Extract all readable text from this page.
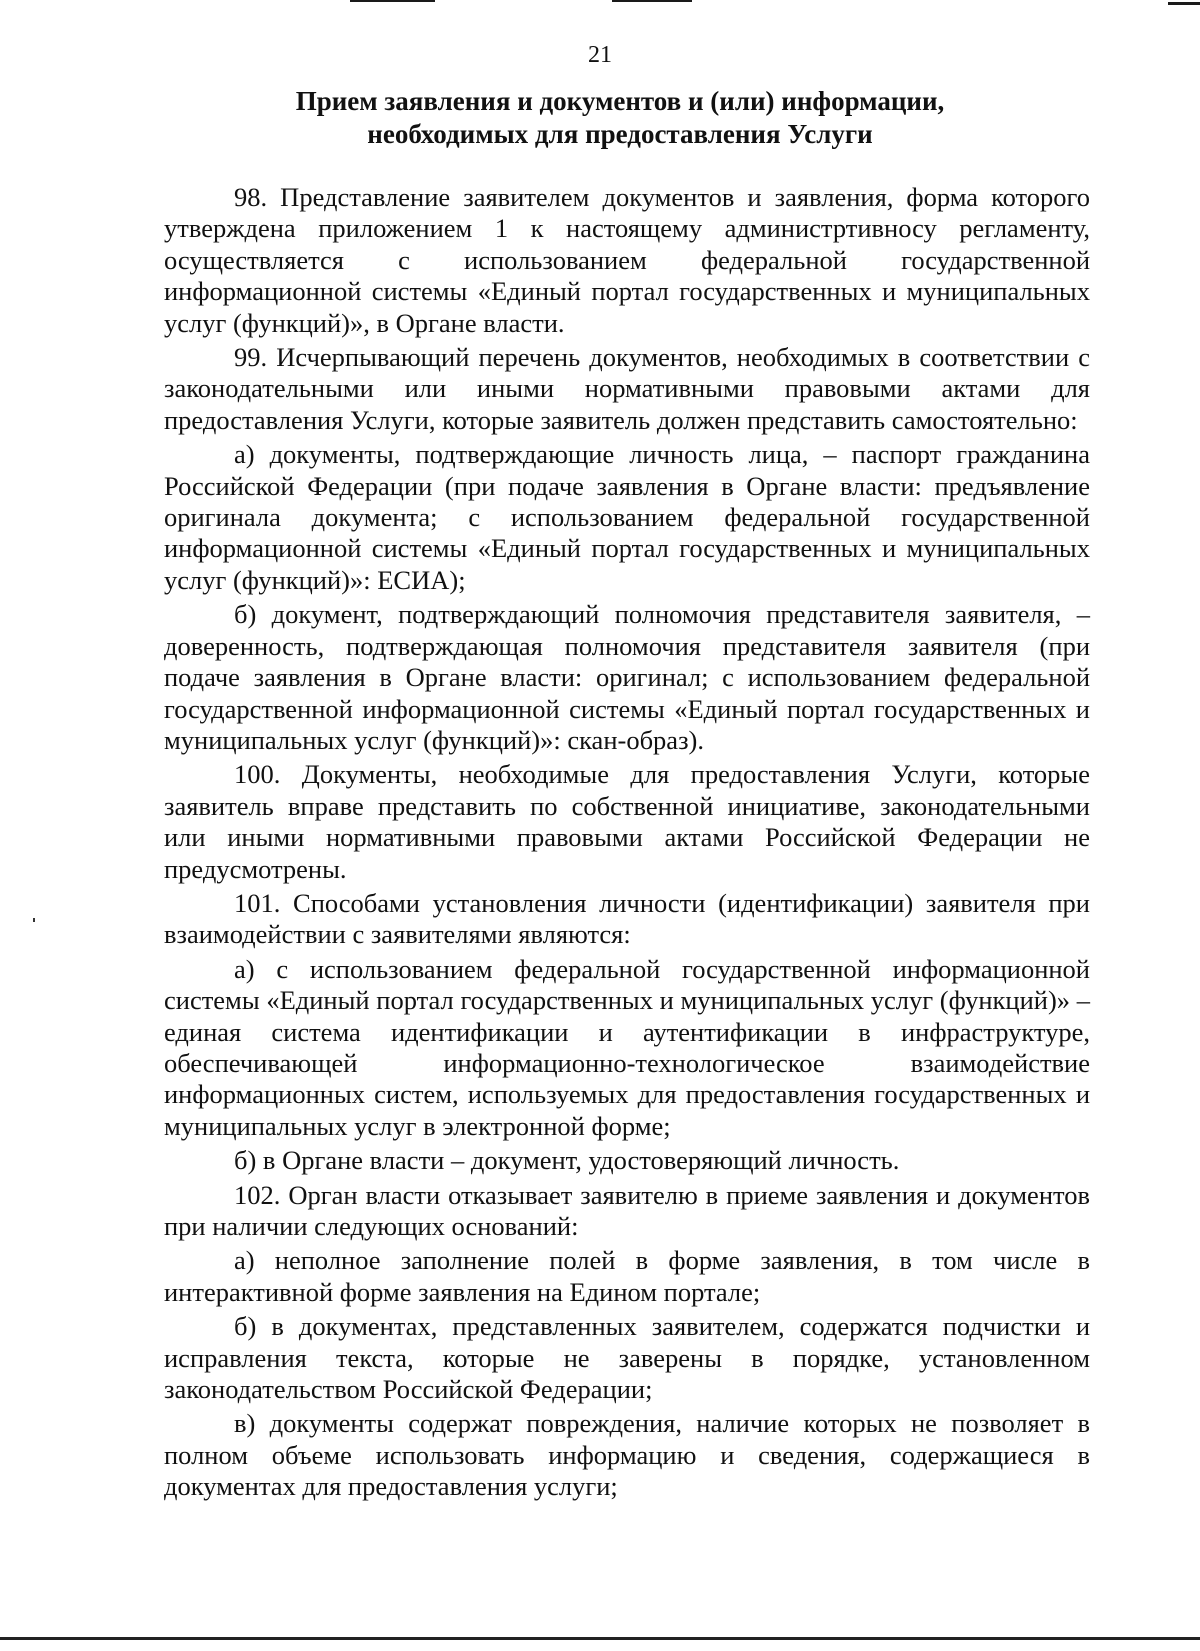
21
Прием заявления и документов и (или) информации,
необходимых для предоставления Услуги

98. Представление заявителем документов и заявления, форма которого утверждена приложением 1 к настоящему администртивносу регламенту, осуществляется с использованием федеральной государственной информационной системы «Единый портал государственных и муниципальных услуг (функций)», в Органе власти.

99. Исчерпывающий перечень документов, необходимых в соответствии с законодательными или иными нормативными правовыми актами для предоставления Услуги, которые заявитель должен представить самостоятельно:

а) документы, подтверждающие личность лица, – паспорт гражданина Российской Федерации (при подаче заявления в Органе власти: предъявление оригинала документа; с использованием федеральной государственной информационной системы «Единый портал государственных и муниципальных услуг (функций)»: ЕСИА);

б) документ, подтверждающий полномочия представителя заявителя, – доверенность, подтверждающая полномочия представителя заявителя (при подаче заявления в Органе власти: оригинал; с использованием федеральной государственной информационной системы «Единый портал государственных и муниципальных услуг (функций)»: скан-образ).

100. Документы, необходимые для предоставления Услуги, которые заявитель вправе представить по собственной инициативе, законодательными или иными нормативными правовыми актами Российской Федерации не предусмотрены.

101. Способами установления личности (идентификации) заявителя при взаимодействии с заявителями являются:

а) с использованием федеральной государственной информационной системы «Единый портал государственных и муниципальных услуг (функций)» – единая система идентификации и аутентификации в инфраструктуре, обеспечивающей информационно-технологическое взаимодействие информационных систем, используемых для предоставления государственных и муниципальных услуг в электронной форме;

б) в Органе власти – документ, удостоверяющий личность.

102. Орган власти отказывает заявителю в приеме заявления и документов при наличии следующих оснований:

а) неполное заполнение полей в форме заявления, в том числе в интерактивной форме заявления на Едином портале;

б) в документах, представленных заявителем, содержатся подчистки и исправления текста, которые не заверены в порядке, установленном законодательством Российской Федерации;

в) документы содержат повреждения, наличие которых не позволяет в полном объеме использовать информацию и сведения, содержащиеся в документах для предоставления услуги;
